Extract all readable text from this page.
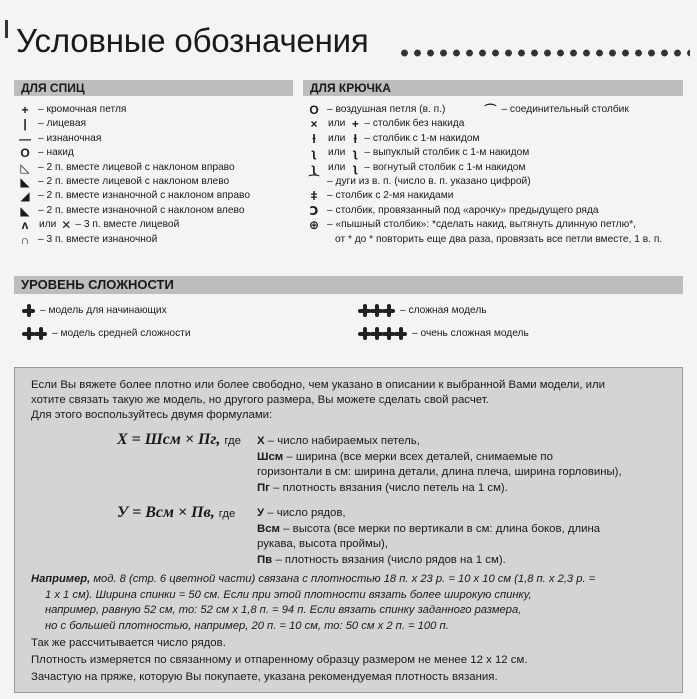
Условные обозначения
ДЛЯ СПИЦ
+ – кромочная петля
|	– лицевая
— – изнаночная
O – накид
◺ – 2 п. вместе лицевой с наклоном вправо
◣ – 2 п. вместе лицевой с наклоном влево
◢ – 2 п. вместе изнаночной с наклоном вправо
◣ – 2 п. вместе изнаночной с наклоном влево
ʌ	или ✕ – 3 п. вместе лицевой
∩ – 3 п. вместе изнаночной
ДЛЯ КРЮЧКА
O – воздушная петля (в. п.)	⌒ – соединительный столбик
×	или + – столбик без накида
ƚ	или ƚ – столбик с 1-м накидом
ʅ	или ʅ – выпуклый столбик с 1-м накидом
ʅ	или ʅ – вогнутый столбик с 1-м накидом
⁀ – дуги из в. п. (число в. п. указано цифрой)
ǂ – столбик с 2-мя накидами
Ↄ – столбик, провязанный под «арочку» предыдущего ряда
⊕ – «пышный столбик»: *сделать накид, вытянуть длинную петлю*,
от * до * повторить еще два раза, провязать все петли вместе, 1 в. п.
УРОВЕНЬ СЛОЖНОСТИ
– модель для начинающих
– модель средней сложности
– сложная модель
– очень сложная модель
Если Вы вяжете более плотно или более свободно, чем указано в описании к выбранной Вами модели, или
хотите связать такую же модель, но другого размера, Вы можете сделать свой расчет.
Для этого воспользуйтесь двумя формулами:
X = Шсм × Пг, где Х – число набираемых петель,
Шсм – ширина (все мерки всех деталей, снимаемые по
горизонтали в см: ширина детали, длина плеча, ширина горловины),
Пг – плотность вязания (число петель на 1 см).
У = Всм × Пв, где У – число рядов,
Всм – высота (все мерки по вертикали в см: длина боков, длина
рукава, высота проймы),
Пв – плотность вязания (число рядов на 1 см).
Например, мод. 8 (стр. 6 цветной части) связана с плотностью 18 п. х 23 р. = 10 х 10 см (1,8 п. х 2,3 р. =
1 х 1 см). Ширина спинки = 50 см. Если при этой плотности вязать более широкую спинку,
например, равную 52 см, то: 52 см х 1,8 п. = 94 п. Если вязать спинку заданного размера,
но с большей плотностью, например, 20 п. = 10 см, то: 50 см х 2 п. = 100 п.
Так же рассчитывается число рядов.
Плотность измеряется по связанному и отпаренному образцу размером не менее 12 х 12 см.
Зачастую на пряже, которую Вы покупаете, указана рекомендуемая плотность вязания.
